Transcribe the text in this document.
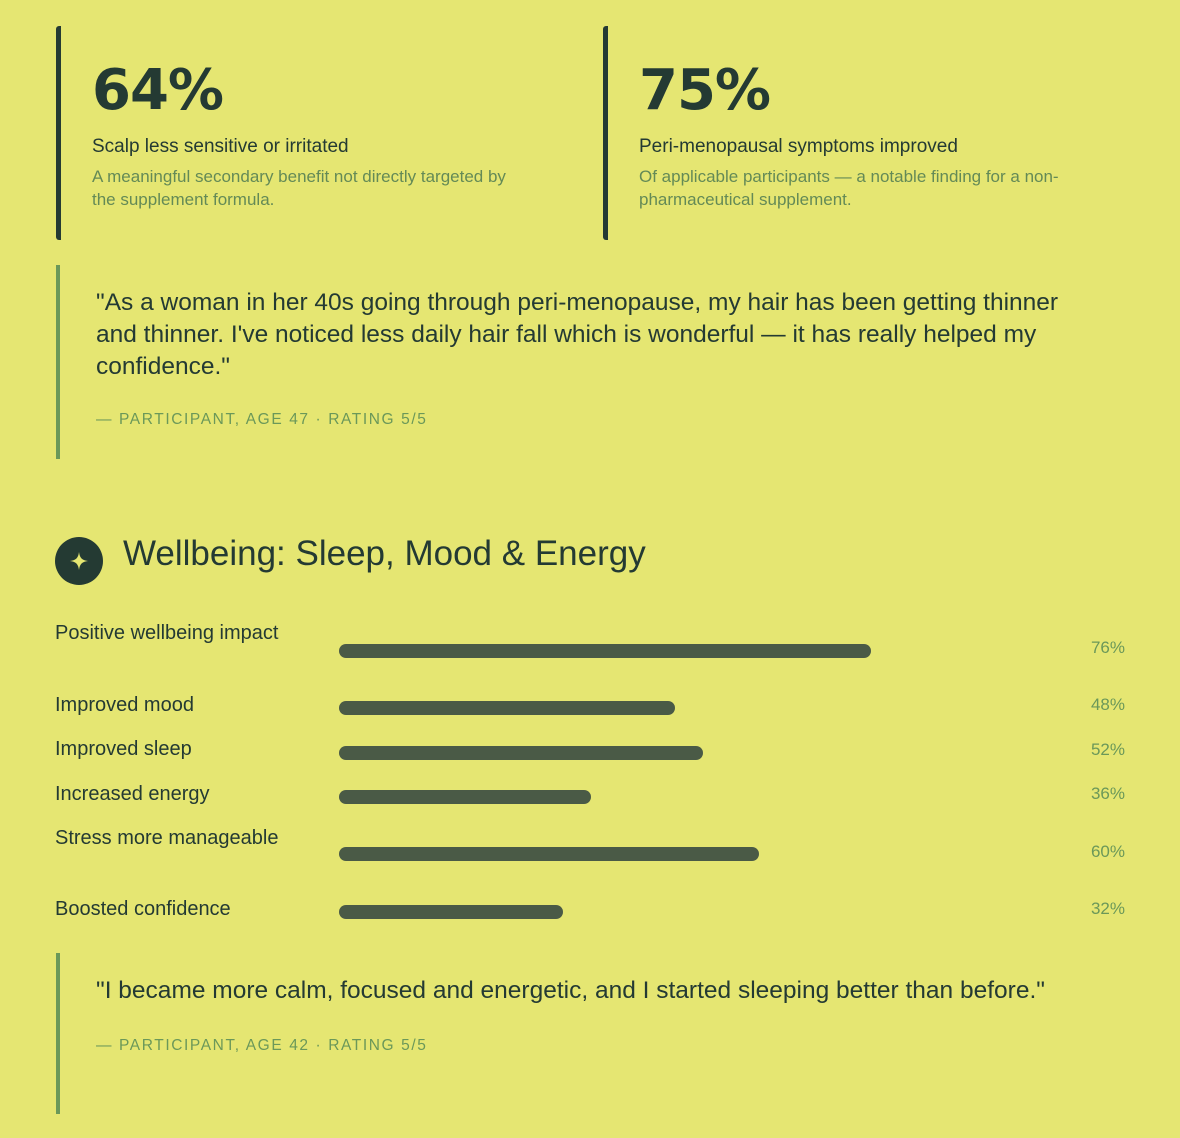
64%
Scalp less sensitive or irritated
A meaningful secondary benefit not directly targeted by the supplement formula.
75%
Peri-menopausal symptoms improved
Of applicable participants — a notable finding for a non-pharmaceutical supplement.
"As a woman in her 40s going through peri-menopause, my hair has been getting thinner and thinner. I've noticed less daily hair fall which is wonderful — it has really helped my confidence."
— PARTICIPANT, AGE 47 · RATING 5/5
Wellbeing: Sleep, Mood & Energy
Positive wellbeing impact
76%
Improved mood	48%
Improved sleep	52%
Increased energy	36%
Stress more manageable
60%
Boosted confidence	32%
"I became more calm, focused and energetic, and I started sleeping better than before."
— PARTICIPANT, AGE 42 · RATING 5/5
